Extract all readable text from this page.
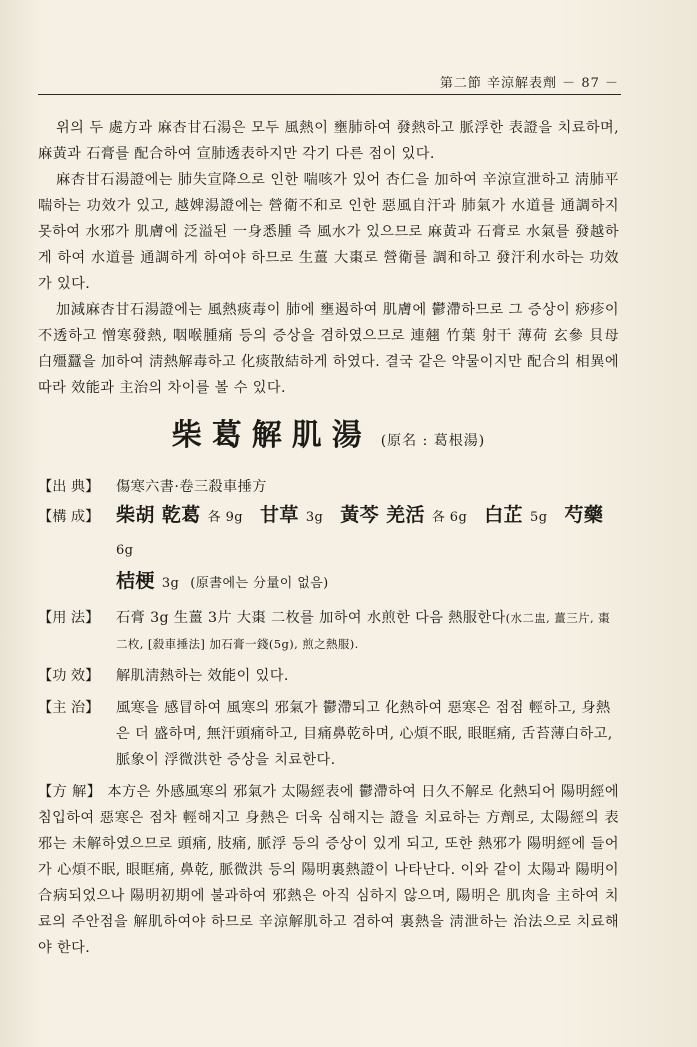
第二節 辛涼解表劑 － 87 －

위의 두 處方과 麻杏甘石湯은 모두 風熱이 壅肺하여 發熱하고 脈浮한 表證을 치료하며, 麻黃과 石膏를 配合하여 宣肺透表하지만 각기 다른 점이 있다.

麻杏甘石湯證에는 肺失宣降으로 인한 喘咳가 있어 杏仁을 加하여 辛涼宣泄하고 淸肺平喘하는 功效가 있고, 越婢湯證에는 營衛不和로 인한 惡風自汗과 肺氣가 水道를 通調하지 못하여 水邪가 肌膚에 泛溢된 一身悉腫 즉 風水가 있으므로 麻黃과 石膏로 水氣를 發越하게 하여 水道를 通調하게 하여야 하므로 生薑 大棗로 營衛를 調和하고 發汗利水하는 功效가 있다.

加減麻杏甘石湯證에는 風熱痰毒이 肺에 壅遏하여 肌膚에 鬱滯하므로 그 증상이 痧疹이 不透하고 憎寒發熱, 咽喉腫痛 등의 증상을 겸하였으므로 連翹 竹葉 射干 薄荷 玄參 貝母 白殭蠶을 加하여 淸熱解毒하고 化痰散結하게 하였다. 결국 같은 약물이지만 配合의 相異에 따라 效能과 主治의 차이를 볼 수 있다.

柴葛解肌湯 (原名 : 葛根湯)
【出 典】	傷寒六書·卷三殺車捶方
【構 成】 柴胡 乾葛 各 9g 甘草 3g 黃芩 羌活 各 6g 白芷 5g 芍藥 6g
桔梗 3g (原書에는 分量이 없음)
【用 法】	石膏 3g 生薑 3片 大棗 二枚를 加하여 水煎한 다음 熱服한다(水二盅, 薑三片, 棗二枚, [殺車捶法] 加石膏一錢(5g), 煎之熱服).
【功 效】	解肌淸熱하는 效能이 있다.
【主 治】	風寒을 感冒하여 風寒의 邪氣가 鬱滯되고 化熱하여 惡寒은 점점 輕하고, 身熱은 더 盛하며, 無汗頭痛하고, 目痛鼻乾하며, 心煩不眠, 眼眶痛, 舌苔薄白하고, 脈象이 浮微洪한 증상을 치료한다.
【方 解】 本方은 外感風寒의 邪氣가 太陽經表에 鬱滯하여 日久不解로 化熱되어 陽明經에 침입하여 惡寒은 점차 輕해지고 身熱은 더욱 심해지는 證을 치료하는 方劑로, 太陽經의 表邪는 未解하였으므로 頭痛, 肢痛, 脈浮 등의 증상이 있게 되고, 또한 熱邪가 陽明經에 들어가 心煩不眠, 眼眶痛, 鼻乾, 脈微洪 등의 陽明裏熱證이 나타난다. 이와 같이 太陽과 陽明이 合病되었으나 陽明初期에 불과하여 邪熱은 아직 심하지 않으며, 陽明은 肌肉을 主하여 치료의 주안점을 解肌하여야 하므로 辛涼解肌하고 겸하여 裏熱을 淸泄하는 治法으로 치료해야 한다.
